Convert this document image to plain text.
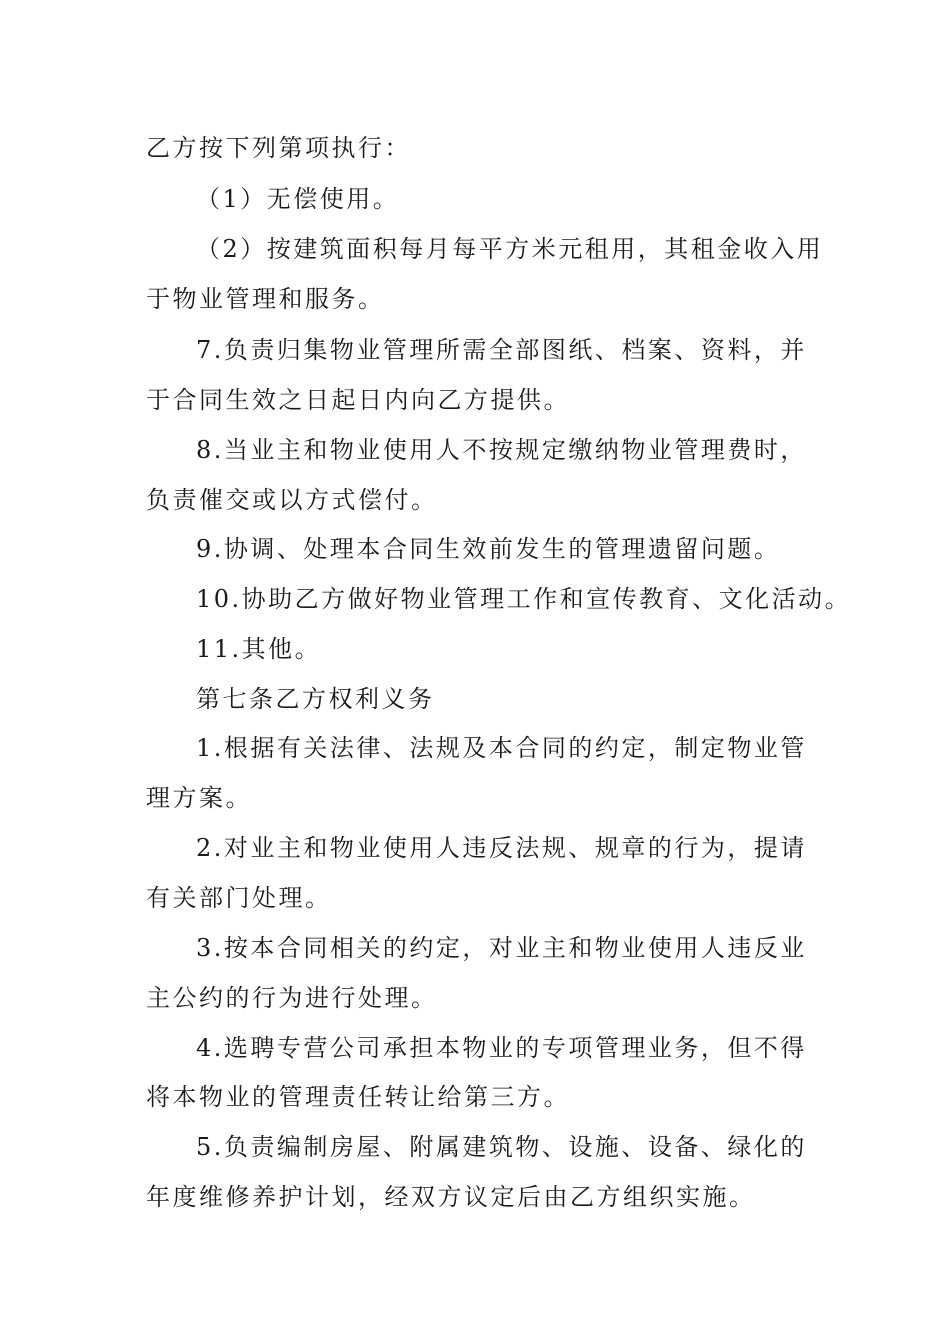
乙方按下列第项执行：
（1）无偿使用。
（2）按建筑面积每月每平方米元租用，其租金收入用
于物业管理和服务。
7.负责归集物业管理所需全部图纸、档案、资料，并
于合同生效之日起日内向乙方提供。
8.当业主和物业使用人不按规定缴纳物业管理费时，
负责催交或以方式偿付。
9.协调、处理本合同生效前发生的管理遗留问题。
10.协助乙方做好物业管理工作和宣传教育、文化活动。
11.其他。
第七条乙方权利义务
1.根据有关法律、法规及本合同的约定，制定物业管
理方案。
2.对业主和物业使用人违反法规、规章的行为，提请
有关部门处理。
3.按本合同相关的约定，对业主和物业使用人违反业
主公约的行为进行处理。
4.选聘专营公司承担本物业的专项管理业务，但不得
将本物业的管理责任转让给第三方。
5.负责编制房屋、附属建筑物、设施、设备、绿化的
年度维修养护计划，经双方议定后由乙方组织实施。
